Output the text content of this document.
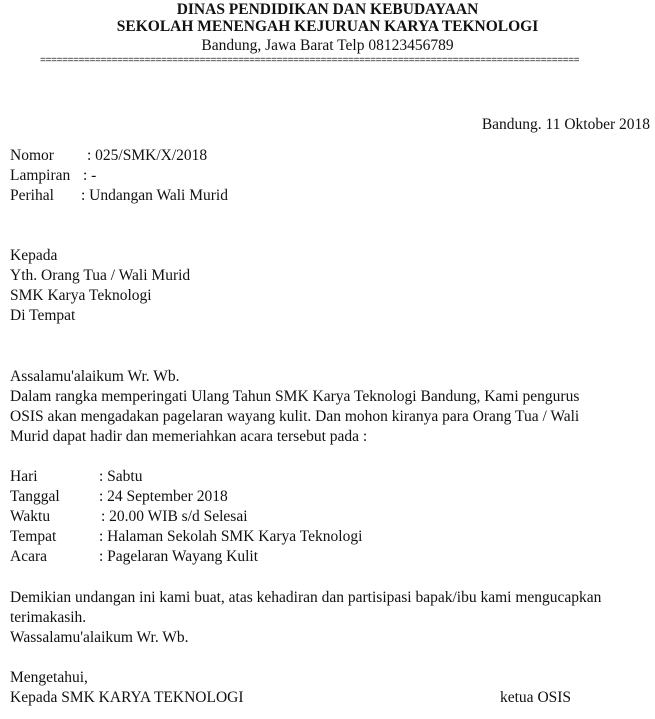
DINAS PENDIDIKAN DAN KEBUDAYAAN
SEKOLAH MENENGAH KEJURUAN KARYA TEKNOLOGI
Bandung, Jawa Barat Telp 08123456789
==================================================================================================
Bandung. 11 Oktober 2018
Nomor : 025/SMK/X/2018
Lampiran : -
Perihal : Undangan Wali Murid
Kepada
Yth. Orang Tua / Wali Murid
SMK Karya Teknologi
Di Tempat
Assalamu'alaikum Wr. Wb.
Dalam rangka memperingati Ulang Tahun SMK Karya Teknologi Bandung, Kami pengurus
OSIS akan mengadakan pagelaran wayang kulit. Dan mohon kiranya para Orang Tua / Wali
Murid dapat hadir dan memeriahkan acara tersebut pada :
Hari	: Sabtu
Tanggal	: 24 September 2018
Waktu	: 20.00 WIB s/d Selesai
Tempat	: Halaman Sekolah SMK Karya Teknologi
Acara	: Pagelaran Wayang Kulit
Demikian undangan ini kami buat, atas kehadiran dan partisipasi bapak/ibu kami mengucapkan
terimakasih.
Wassalamu'alaikum Wr. Wb.
Mengetahui,
Kepada SMK KARYA TEKNOLOGI	ketua OSIS
